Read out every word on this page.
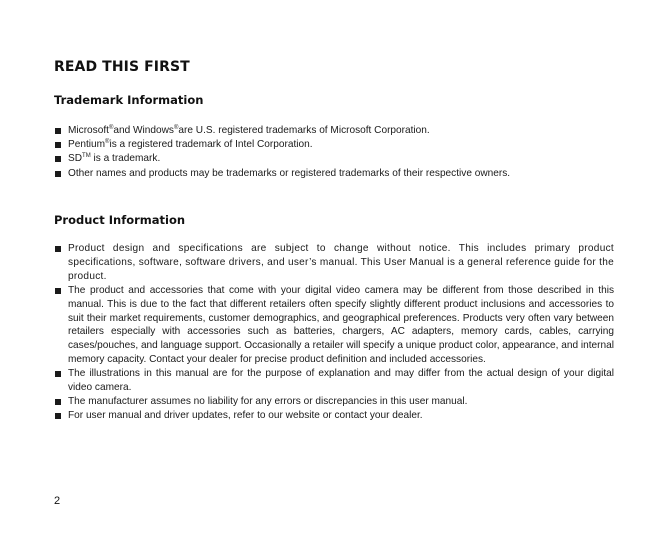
READ THIS FIRST
Trademark Information
Microsoft®and Windows®are U.S. registered trademarks of Microsoft Corporation.
Pentium®is a registered trademark of Intel Corporation.
SD™ is a trademark.
Other names and products may be trademarks or registered trademarks of their respective owners.
Product Information
Product design and specifications are subject to change without notice. This includes primary product specifications, software, software drivers, and user’s manual. This User Manual is a general reference guide for the product.
The product and accessories that come with your digital video camera may be different from those described in this manual. This is due to the fact that different retailers often specify slightly different product inclusions and accessories to suit their market requirements, customer demographics, and geographical preferences. Products very often vary between retailers especially with accessories such as batteries, chargers, AC adapters, memory cards, cables, carrying cases/pouches, and language support. Occasionally a retailer will specify a unique product color, appearance, and internal memory capacity. Contact your dealer for precise product definition and included accessories.
The illustrations in this manual are for the purpose of explanation and may differ from the actual design of your digital video camera.
The manufacturer assumes no liability for any errors or discrepancies in this user manual.
For user manual and driver updates, refer to our website or contact your dealer.
2
